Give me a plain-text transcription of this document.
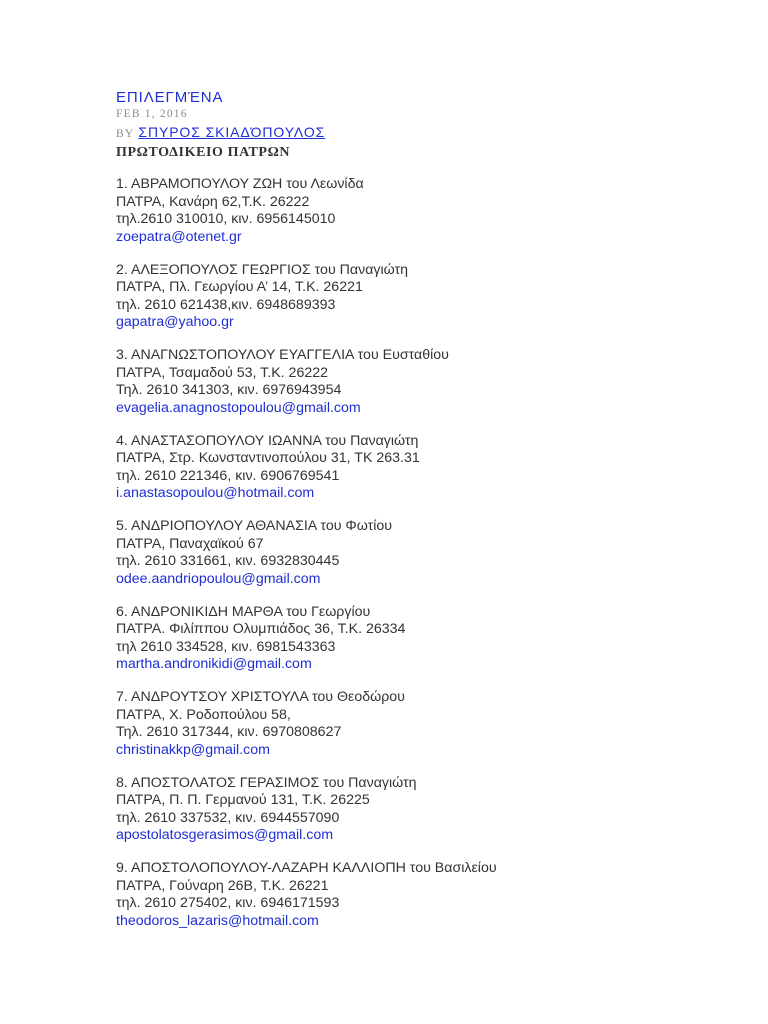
ΕΠΙΛΕΓΜΈΝΑ
FEB 1, 2016
BY ΣΠΥΡΟΣ ΣΚΙΑΔΌΠΟΥΛΟΣ
ΠΡΩΤΟΔΙΚΕΙΟ ΠΑΤΡΩΝ
1. ΑΒΡΑΜΟΠΟΥΛΟΥ ΖΩΗ του Λεωνίδα
ΠΑΤΡΑ, Κανάρη 62,Τ.Κ. 26222
τηλ.2610 310010, κιν. 6956145010
zoepatra@otenet.gr
2. ΑΛΕΞΟΠΟΥΛΟΣ ΓΕΩΡΓΙΟΣ του Παναγιώτη
ΠΑΤΡΑ, Πλ. Γεωργίου Α’ 14, Τ.Κ. 26221
τηλ. 2610 621438,κιν. 6948689393
gapatra@yahoo.gr
3. ΑΝΑΓΝΩΣΤΟΠΟΥΛΟΥ ΕΥΑΓΓΕΛΙΑ του Ευσταθίου
ΠΑΤΡΑ, Τσαμαδού 53, Τ.Κ. 26222
Τηλ. 2610 341303, κιν. 6976943954
evagelia.anagnostopoulou@gmail.com
4. ΑΝΑΣΤΑΣΟΠΟΥΛΟΥ ΙΩΑΝΝΑ του Παναγιώτη
ΠΑΤΡΑ, Στρ. Κωνσταντινοπούλου 31, ΤΚ 263.31
τηλ. 2610 221346, κιν. 6906769541
i.anastasopoulou@hotmail.com
5. ΑΝΔΡΙΟΠΟΥΛΟΥ ΑΘΑΝΑΣΙΑ του Φωτίου
ΠΑΤΡΑ, Παναχαϊκού 67
τηλ. 2610 331661, κιν. 6932830445
odee.aandriopoulou@gmail.com
6. ΑΝΔΡΟΝΙΚΙΔΗ ΜΑΡΘΑ του Γεωργίου
ΠΑΤΡΑ. Φιλίππου Ολυμπιάδος 36, Τ.Κ. 26334
τηλ 2610 334528, κιν. 6981543363
martha.andronikidi@gmail.com
7. ΑΝΔΡΟΥΤΣΟΥ ΧΡΙΣΤΟΥΛΑ του Θεοδώρου
ΠΑΤΡΑ, Χ. Ροδοπούλου 58,
Τηλ. 2610 317344, κιν. 6970808627
christinakkp@gmail.com
8. ΑΠΟΣΤΟΛΑΤΟΣ ΓΕΡΑΣΙΜΟΣ του Παναγιώτη
ΠΑΤΡΑ, Π. Π. Γερμανού 131, Τ.Κ. 26225
τηλ. 2610 337532, κιν. 6944557090
apostolatosgerasimos@gmail.com
9. ΑΠΟΣΤΟΛΟΠΟΥΛΟΥ-ΛΑΖΑΡΗ ΚΑΛΛΙΟΠΗ του Βασιλείου
ΠΑΤΡΑ, Γούναρη 26Β, Τ.Κ. 26221
τηλ. 2610 275402, κιν. 6946171593
theodoros_lazaris@hotmail.com
